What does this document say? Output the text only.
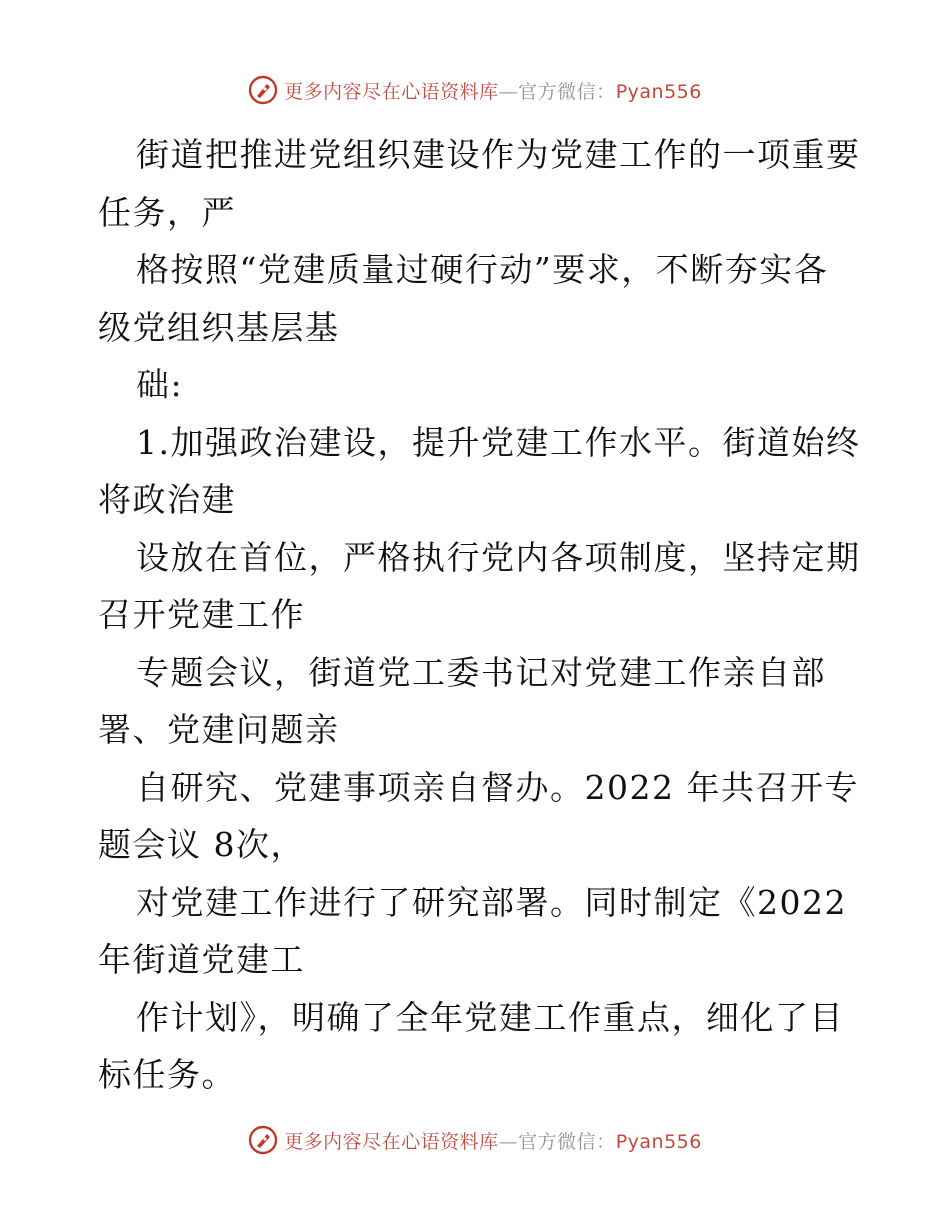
更多内容尽在心语资料库—官方微信：Pyan556
街道把推进党组织建设作为党建工作的一项重要
任务，严
格按照“党建质量过硬行动”要求，不断夯实各
级党组织基层基
础:
1.加强政治建设，提升党建工作水平。街道始终
将政治建
设放在首位，严格执行党内各项制度，坚持定期
召开党建工作
专题会议，街道党工委书记对党建工作亲自部
署、党建问题亲
自研究、党建事项亲自督办。2022 年共召开专
题会议 8次，
对党建工作进行了研究部署。同时制定《2022
年街道党建工
作计划》，明确了全年党建工作重点，细化了目
标任务。
更多内容尽在心语资料库—官方微信：Pyan556
